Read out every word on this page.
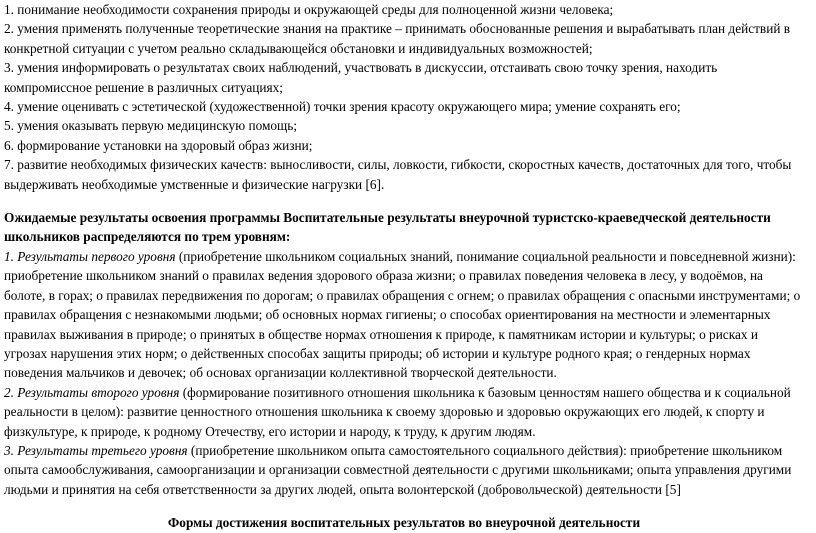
1. понимание необходимости сохранения природы и окружающей среды для полноценной жизни человека;

2. умения применять полученные теоретические знания на практике – принимать обоснованные решения и вырабатывать план действий в конкретной ситуации с учетом реально складывающейся обстановки и индивидуальных возможностей;

3. умения информировать о результатах своих наблюдений, участвовать в дискуссии, отстаивать свою точку зрения, находить компромиссное решение в различных ситуациях;

4. умение оценивать с эстетической (художественной) точки зрения красоту окружающего мира; умение сохранять его;

5. умения оказывать первую медицинскую помощь;

6. формирование установки на здоровый образ жизни;

7. развитие необходимых физических качеств: выносливости, силы, ловкости, гибкости, скоростных качеств, достаточных для того, чтобы выдерживать необходимые умственные и физические нагрузки [6].

Ожидаемые результаты освоения программы Воспитательные результаты внеурочной туристско-краеведческой деятельности школьников распределяются по трем уровням:

1. Результаты первого уровня (приобретение школьником социальных знаний, понимание социальной реальности и повседневной жизни): приобретение школьником знаний о правилах ведения здорового образа жизни; о правилах поведения человека в лесу, у водоёмов, на болоте, в горах; о правилах передвижения по дорогам; о правилах обращения с огнем; о правилах обращения с опасными инструментами; о правилах обращения с незнакомыми людьми; об основных нормах гигиены; о способах ориентирования на местности и элементарных правилах выживания в природе; о принятых в обществе нормах отношения к природе, к памятникам истории и культуры; о рисках и угрозах нарушения этих норм; о действенных способах защиты природы; об истории и культуре родного края; о гендерных нормах поведения мальчиков и девочек; об основах организации коллективной творческой деятельности.

2. Результаты второго уровня (формирование позитивного отношения школьника к базовым ценностям нашего общества и к социальной реальности в целом): развитие ценностного отношения школьника к своему здоровью и здоровью окружающих его людей, к спорту и физкультуре, к природе, к родному Отечеству, его истории и народу, к труду, к другим людям.

3. Результаты третьего уровня (приобретение школьником опыта самостоятельного социального действия): приобретение школьником опыта самообслуживания, самоорганизации и организации совместной деятельности с другими школьниками; опыта управления другими людьми и принятия на себя ответственности за других людей, опыта волонтерской (добровольческой) деятельности [5]

Формы достижения воспитательных результатов во внеурочной деятельности
